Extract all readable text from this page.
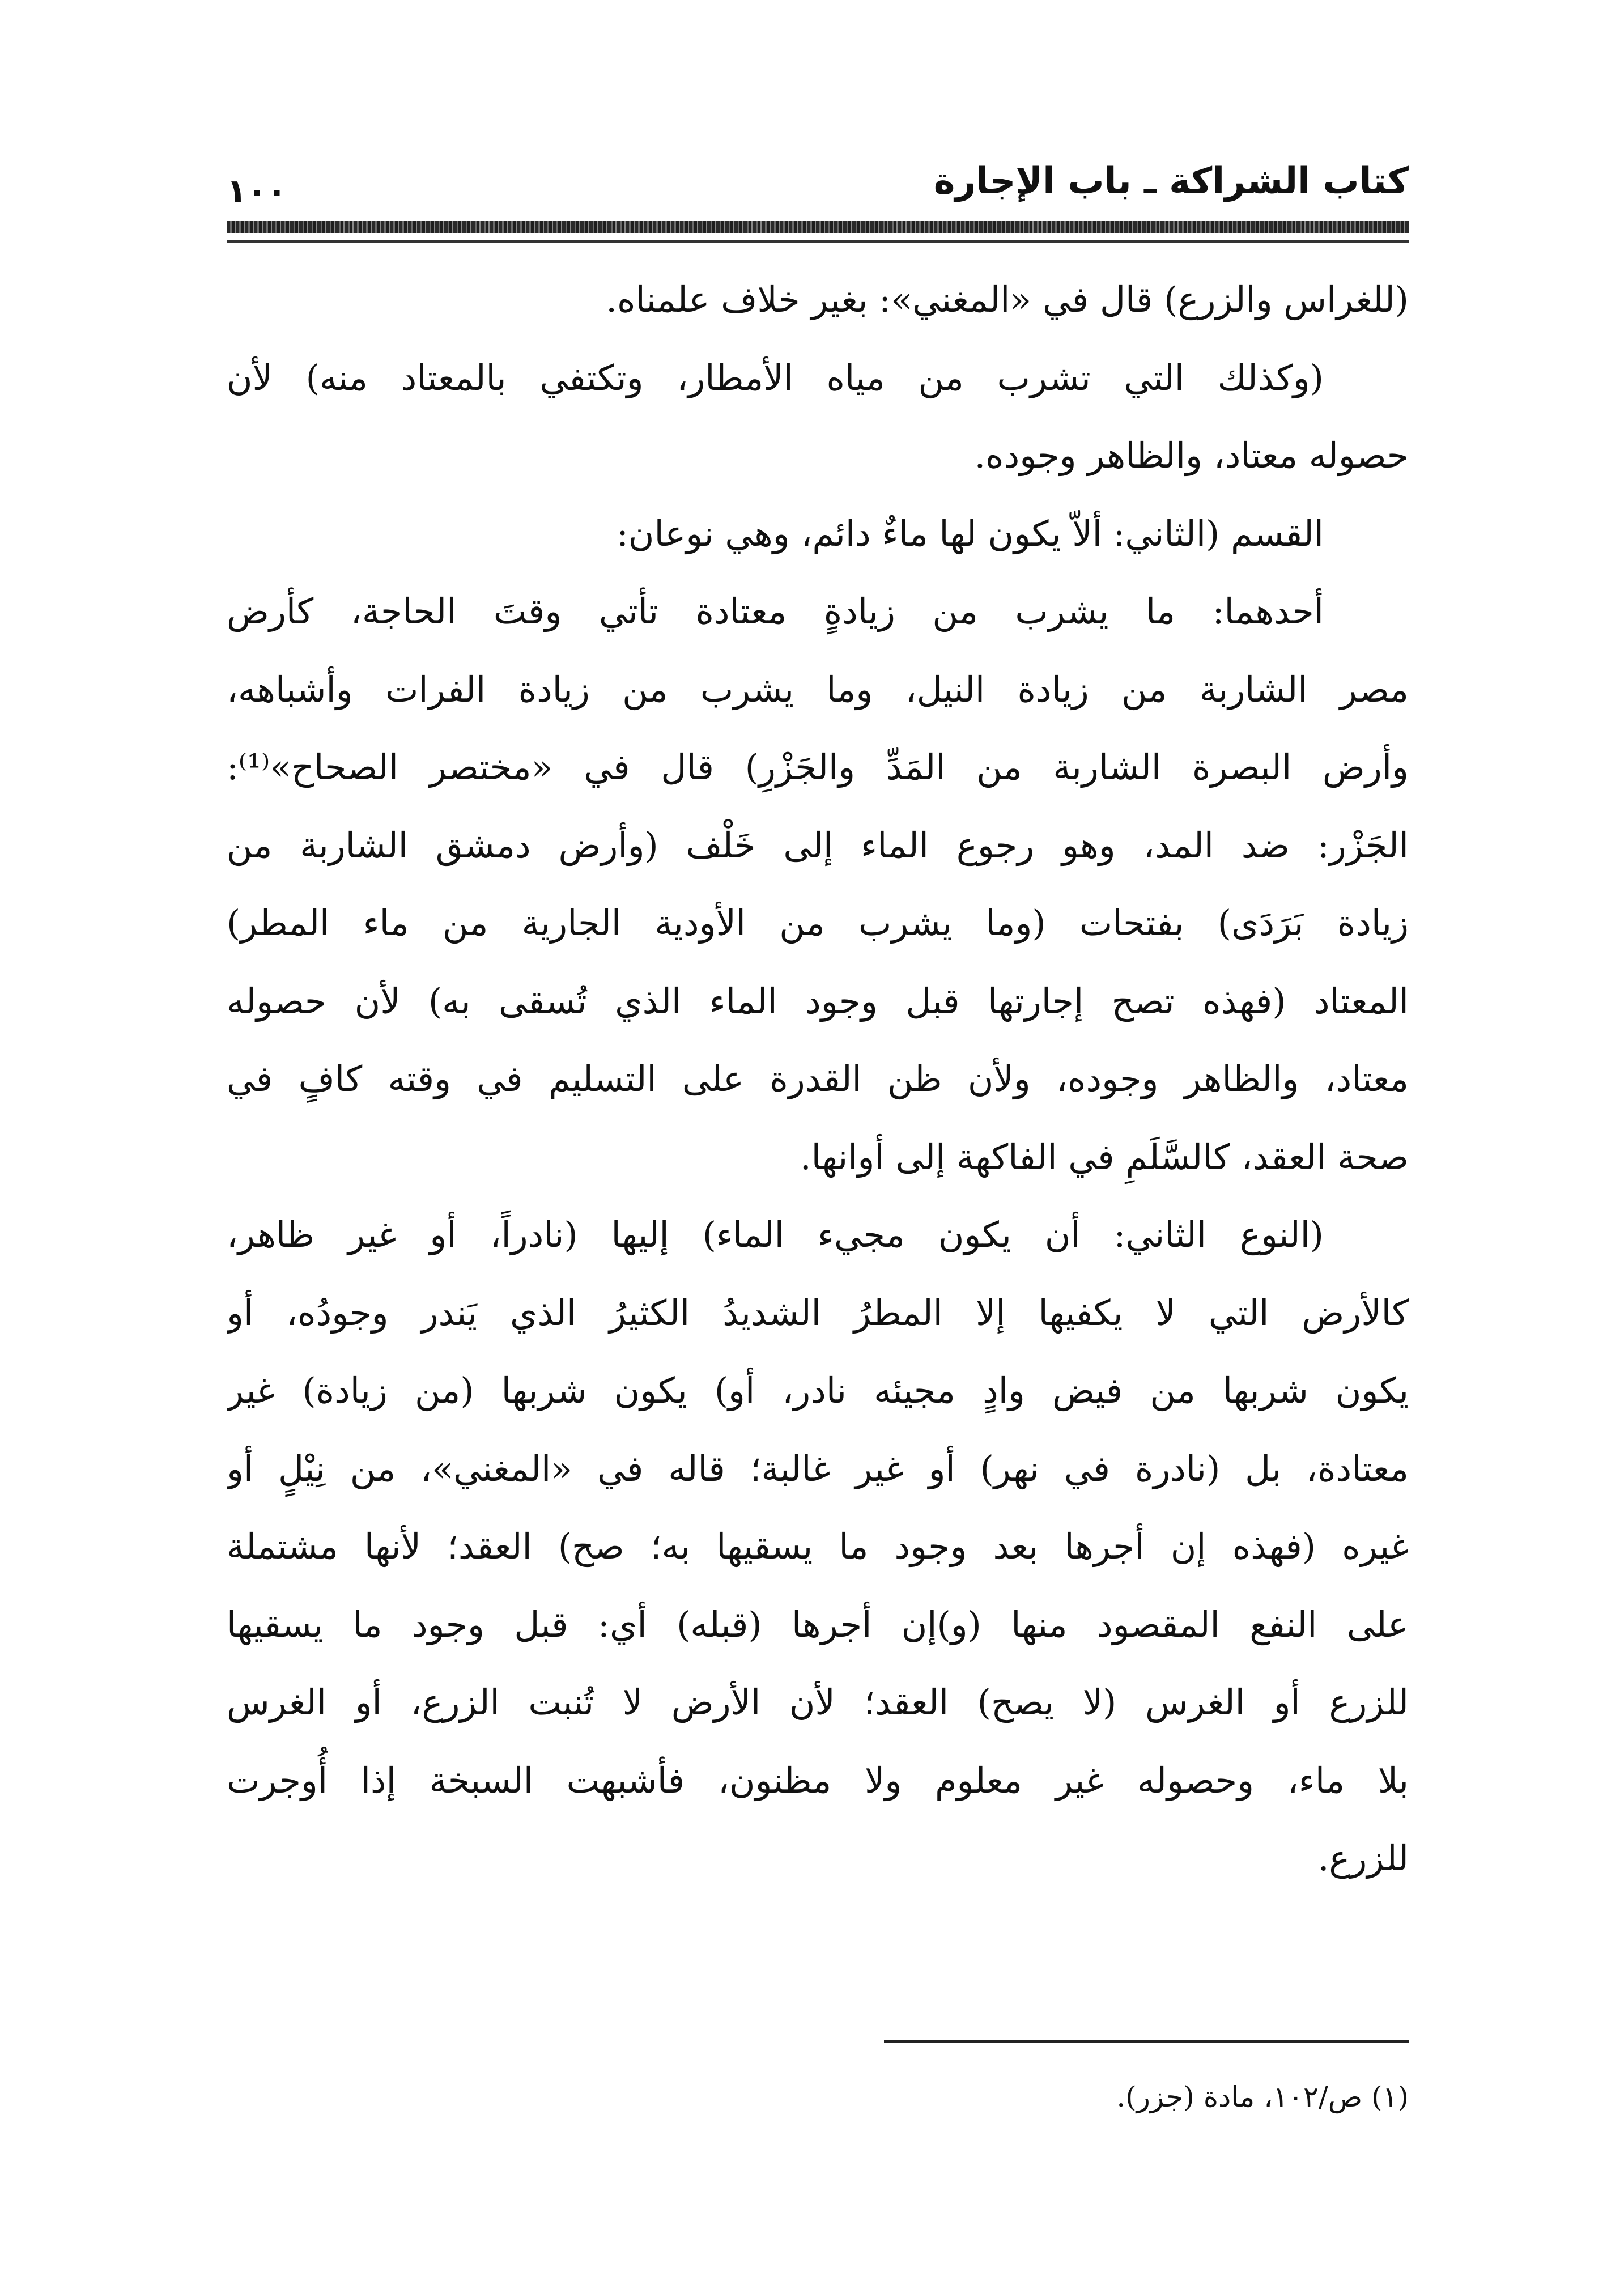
كتاب الشراكة ـ باب الإجارة
١٠٠
(للغراس والزرع) قال في «المغني»: بغير خلاف علمناه.
(وكذلك التي تشرب من مياه الأمطار، وتكتفي بالمعتاد منه) لأن
حصوله معتاد، والظاهر وجوده.
القسم (الثاني: ألاّ يكون لها ماءٌ دائم، وهي نوعان:
أحدهما: ما يشرب من زيادةٍ معتادة تأتي وقتَ الحاجة، كأرض
مصر الشاربة من زيادة النيل، وما يشرب من زيادة الفرات وأشباهه،
وأرض البصرة الشاربة من المَدِّ والجَزْرِ) قال في «مختصر الصحاح»⁽¹⁾:
الجَزْر: ضد المد، وهو رجوع الماء إلى خَلْف (وأرض دمشق الشاربة من
زيادة بَرَدَى) بفتحات (وما يشرب من الأودية الجارية من ماء المطر)
المعتاد (فهذه تصح إجارتها قبل وجود الماء الذي تُسقى به) لأن حصوله
معتاد، والظاهر وجوده، ولأن ظن القدرة على التسليم في وقته كافٍ في
صحة العقد، كالسَّلَمِ في الفاكهة إلى أوانها.
(النوع الثاني: أن يكون مجيء الماء) إليها (نادراً، أو غير ظاهر،
كالأرض التي لا يكفيها إلا المطرُ الشديدُ الكثيرُ الذي يَندر وجودُه، أو
يكون شربها من فيض وادٍ مجيئه نادر، أو) يكون شربها (من زيادة) غير
معتادة، بل (نادرة في نهر) أو غير غالبة؛ قاله في «المغني»، من نِيْلٍ أو
غيره (فهذه إن أجرها بعد وجود ما يسقيها به؛ صح) العقد؛ لأنها مشتملة
على النفع المقصود منها (و)إن أجرها (قبله) أي: قبل وجود ما يسقيها
للزرع أو الغرس (لا يصح) العقد؛ لأن الأرض لا تُنبت الزرع، أو الغرس
بلا ماء، وحصوله غير معلوم ولا مظنون، فأشبهت السبخة إذا أُوجرت
للزرع.
(١) ص/١٠٢، مادة (جزر).
